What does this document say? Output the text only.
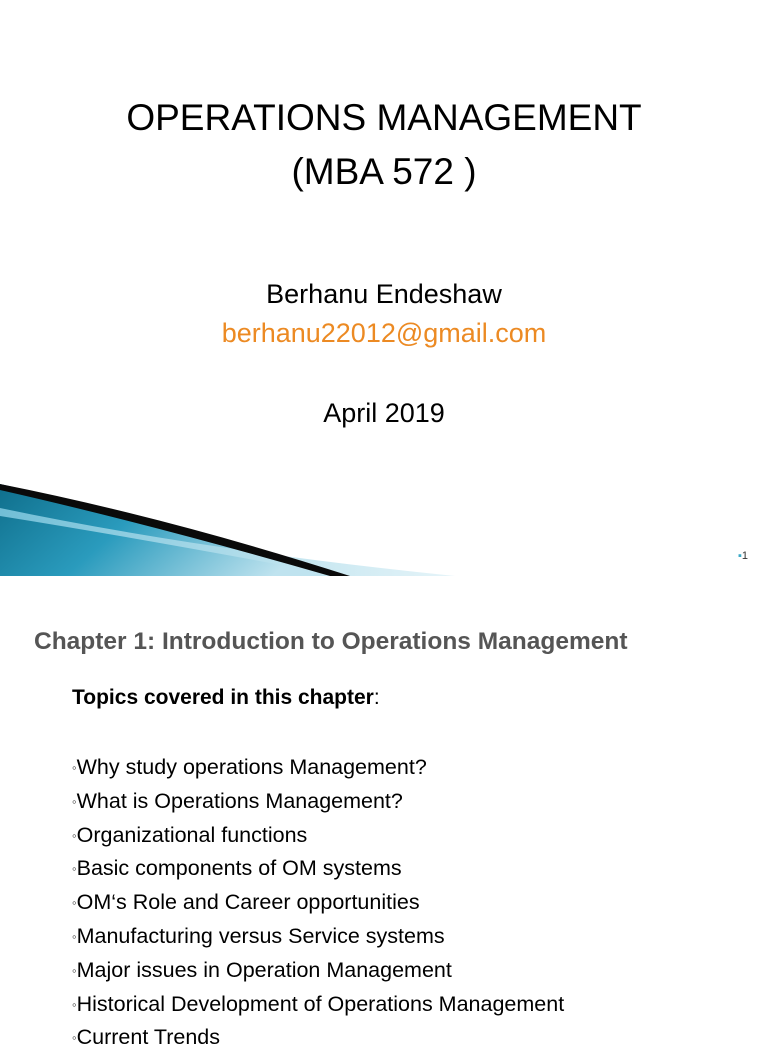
OPERATIONS MANAGEMENT
(MBA 572 )
Berhanu Endeshaw
berhanu22012@gmail.com
April 2019
▪1
Chapter 1: Introduction to Operations Management
Topics covered in this chapter:
◦Why study operations Management?
◦What is Operations Management?
◦Organizational functions
◦Basic components of OM systems
◦OM‘s Role and Career opportunities
◦Manufacturing versus Service systems
◦Major issues in Operation Management
◦Historical Development of Operations Management
◦Current Trends
